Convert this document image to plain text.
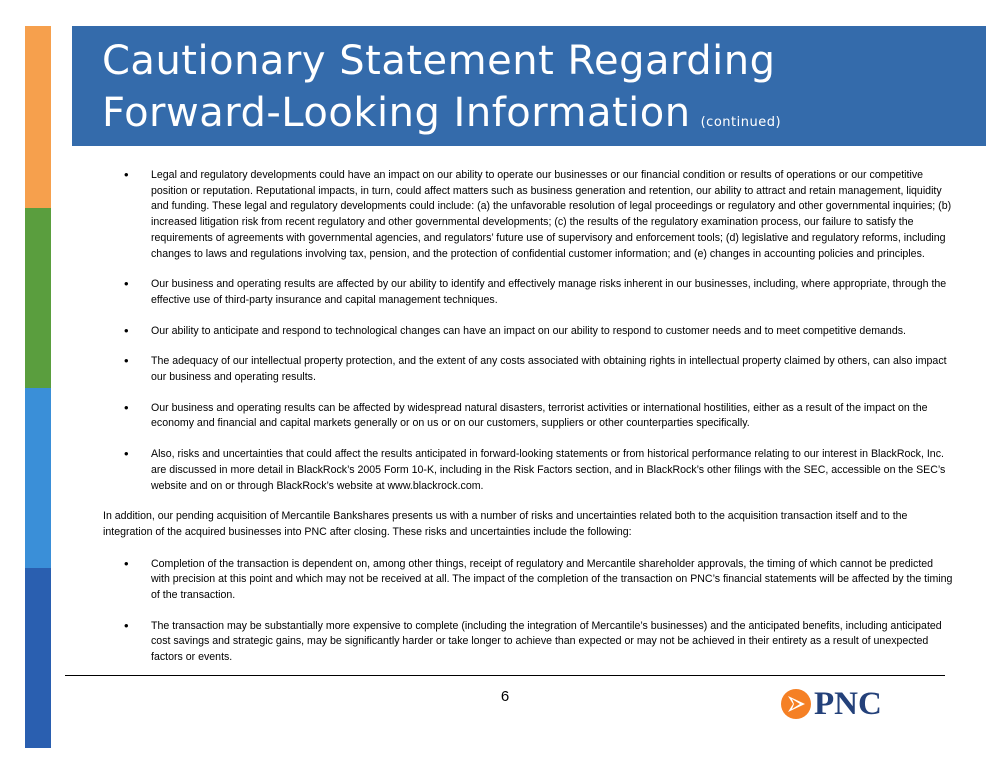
Cautionary Statement Regarding
Forward-Looking Information (continued)
• Legal and regulatory developments could have an impact on our ability to operate our businesses or our financial condition or results of operations or our competitive position or reputation. Reputational impacts, in turn, could affect matters such as business generation and retention, our ability to attract and retain management, liquidity and funding. These legal and regulatory developments could include: (a) the unfavorable resolution of legal proceedings or regulatory and other governmental inquiries; (b) increased litigation risk from recent regulatory and other governmental developments; (c) the results of the regulatory examination process, our failure to satisfy the requirements of agreements with governmental agencies, and regulators’ future use of supervisory and enforcement tools; (d) legislative and regulatory reforms, including changes to laws and regulations involving tax, pension, and the protection of confidential customer information; and (e) changes in accounting policies and principles.
• Our business and operating results are affected by our ability to identify and effectively manage risks inherent in our businesses, including, where appropriate, through the effective use of third-party insurance and capital management techniques.
• Our ability to anticipate and respond to technological changes can have an impact on our ability to respond to customer needs and to meet competitive demands.
• The adequacy of our intellectual property protection, and the extent of any costs associated with obtaining rights in intellectual property claimed by others, can also impact our business and operating results.
• Our business and operating results can be affected by widespread natural disasters, terrorist activities or international hostilities, either as a result of the impact on the economy and financial and capital markets generally or on us or on our customers, suppliers or other counterparties specifically.
• Also, risks and uncertainties that could affect the results anticipated in forward-looking statements or from historical performance relating to our interest in BlackRock, Inc. are discussed in more detail in BlackRock’s 2005 Form 10-K, including in the Risk Factors section, and in BlackRock’s other filings with the SEC, accessible on the SEC’s website and on or through BlackRock’s website at www.blackrock.com.

In addition, our pending acquisition of Mercantile Bankshares presents us with a number of risks and uncertainties related both to the acquisition transaction itself and to the integration of the acquired businesses into PNC after closing. These risks and uncertainties include the following:

• Completion of the transaction is dependent on, among other things, receipt of regulatory and Mercantile shareholder approvals, the timing of which cannot be predicted with precision at this point and which may not be received at all. The impact of the completion of the transaction on PNC’s financial statements will be affected by the timing of the transaction.
• The transaction may be substantially more expensive to complete (including the integration of Mercantile’s businesses) and the anticipated benefits, including anticipated cost savings and strategic gains, may be significantly harder or take longer to achieve than expected or may not be achieved in their entirety as a result of unexpected factors or events.
6	PNC
